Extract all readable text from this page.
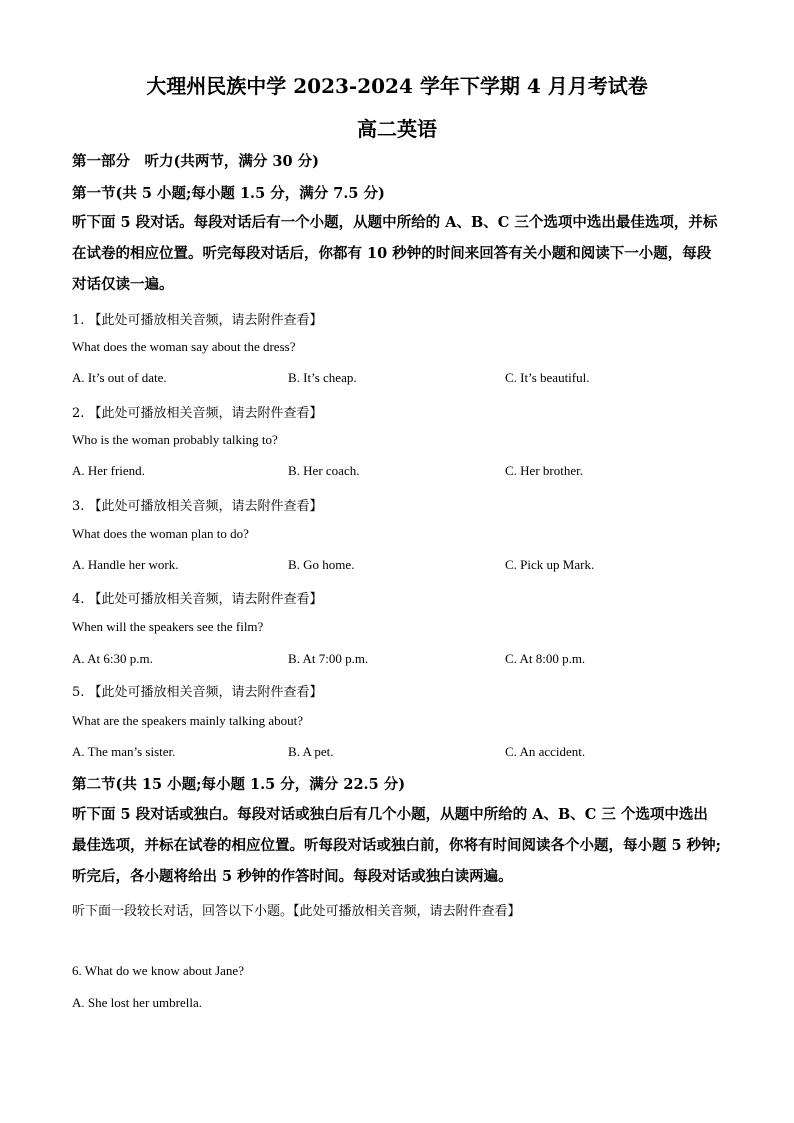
大理州民族中学 2023-2024 学年下学期 4 月月考试卷
高二英语

第一部分　听力(共两节，满分 30 分)

第一节(共 5 小题;每小题 1.5 分，满分 7.5 分)

听下面 5 段对话。每段对话后有一个小题，从题中所给的 A、B、C 三个选项中选出最佳选项，并标在试卷的相应位置。听完每段对话后，你都有 10 秒钟的时间来回答有关小题和阅读下一小题，每段对话仅读一遍。

1. 【此处可播放相关音频，请去附件查看】

What does the woman say about the dress?

A. It’s out of date.	B. It’s cheap.	C. It’s beautiful.

2. 【此处可播放相关音频，请去附件查看】

Who is the woman probably talking to?

A. Her friend.	B. Her coach.	C. Her brother.

3. 【此处可播放相关音频，请去附件查看】

What does the woman plan to do?

A. Handle her work.	B. Go home.	C. Pick up Mark.

4. 【此处可播放相关音频，请去附件查看】

When will the speakers see the film?

A. At 6:30 p.m.	B. At 7:00 p.m.	C. At 8:00 p.m.

5. 【此处可播放相关音频，请去附件查看】

What are the speakers mainly talking about?

A. The man’s sister.	B. A pet.	C. An accident.

第二节(共 15 小题;每小题 1.5 分，满分 22.5 分)

听下面 5 段对话或独白。每段对话或独白后有几个小题，从题中所给的 A、B、C 三 个选项中选出最佳选项，并标在试卷的相应位置。听每段对话或独白前，你将有时间阅读各个小题，每小题 5 秒钟;听完后，各小题将给出 5 秒钟的作答时间。每段对话或独白读两遍。

听下面一段较长对话，回答以下小题。【此处可播放相关音频，请去附件查看】

6. What do we know about Jane?

A. She lost her umbrella.
